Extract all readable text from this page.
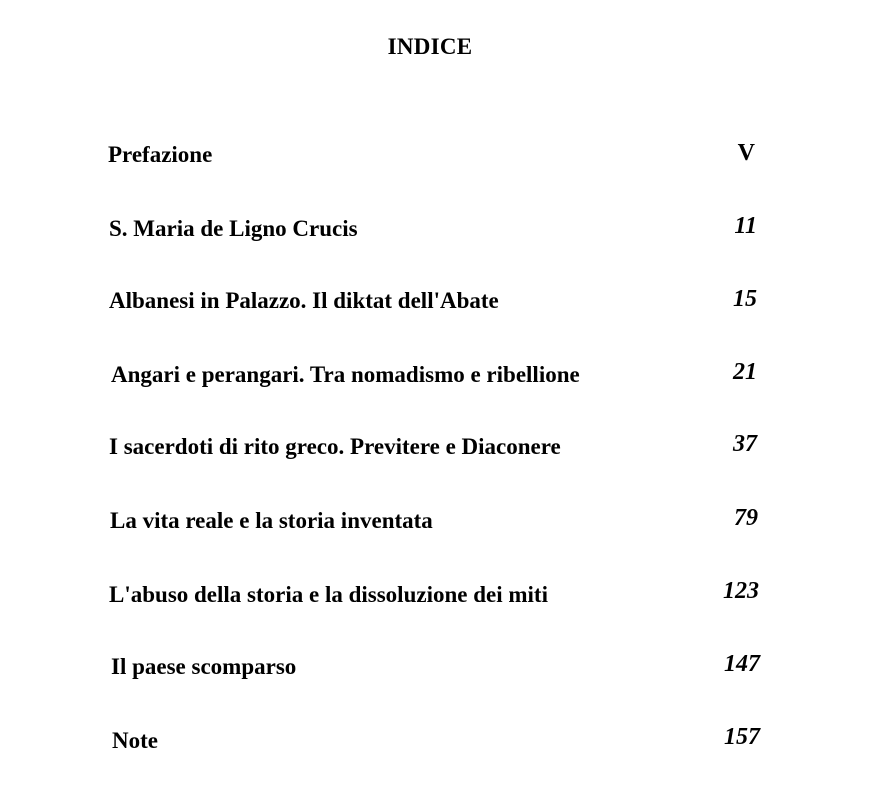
INDICE
Prefazione	V
S. Maria de Ligno Crucis	11
Albanesi in Palazzo. Il diktat dell'Abate	15
Angari e perangari. Tra nomadismo e ribellione	21
I sacerdoti di rito greco. Previtere e Diaconere	37
La vita reale e la storia inventata	79
L'abuso della storia e la dissoluzione dei miti	123
Il paese scomparso	147
Note	157
